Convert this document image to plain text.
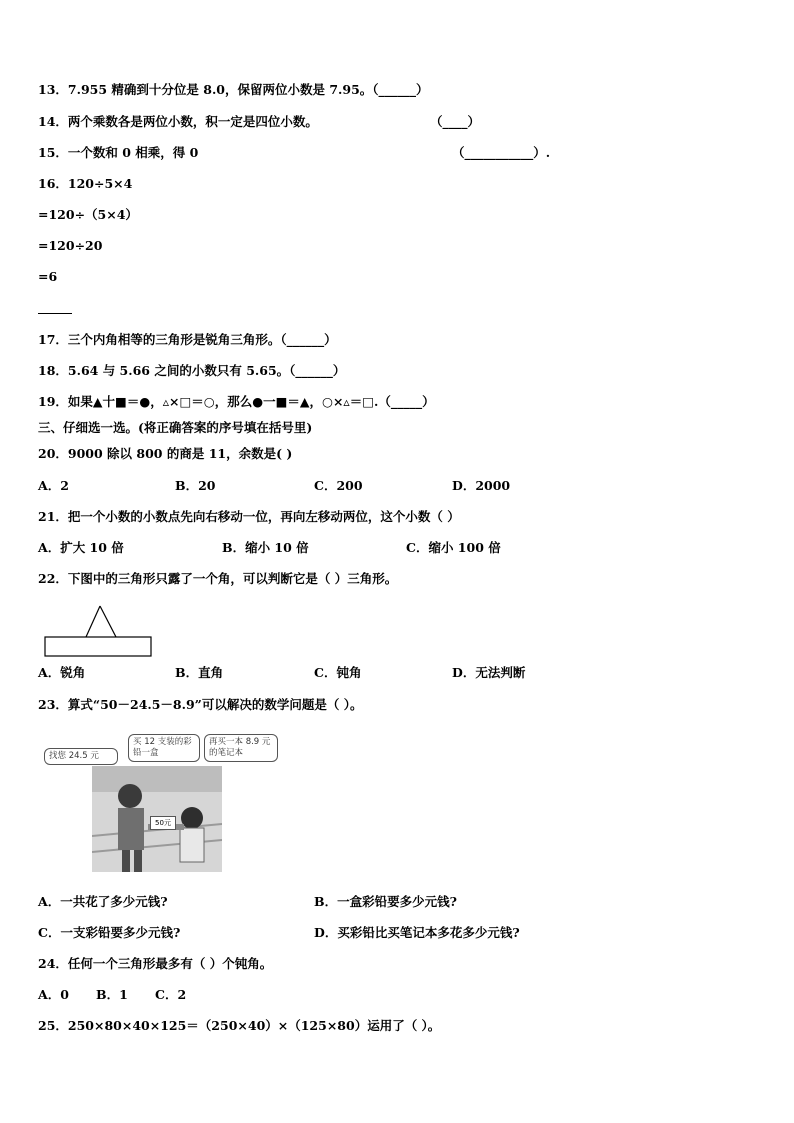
13．7.955 精确到十分位是 8.0，保留两位小数是 7.95。（______）
14．两个乘数各是两位小数，积一定是四位小数。	（____）
15．一个数和 0 相乘，得 0	（___________）.
16．120÷5×4
=120÷（5×4）
=120÷20
=6
17．三个内角相等的三角形是锐角三角形。（______）
18．5.64 与 5.66 之间的小数只有 5.65。（______）
19．如果▲十■＝●，▵×□＝○，那么●一■＝▲，○×▵＝□.（_____）
三、仔细选一选。(将正确答案的序号填在括号里)
20．9000 除以 800 的商是 11，余数是( )
A．2	B．20	C．200	D．2000
21．把一个小数的小数点先向右移动一位，再向左移动两位，这个小数（ ）
A．扩大 10 倍	B．缩小 10 倍	C．缩小 100 倍
22．下图中的三角形只露了一个角，可以判断它是（ ）三角形。
A．锐角	B．直角	C．钝角	D．无法判断
23．算式“50－24.5－8.9”可以解决的数学问题是（ ）。
找您 24.5 元
买 12 支装的彩铅一盒
再买一本 8.9 元的笔记本
50元
A．一共花了多少元钱?	B．一盒彩铅要多少元钱?
C．一支彩铅要多少元钱?	D．买彩铅比买笔记本多花多少元钱?
24．任何一个三角形最多有（ ）个钝角。
A．0 B．1 C．2
25．250×80×40×125＝（250×40）×（125×80）运用了（ ）。
